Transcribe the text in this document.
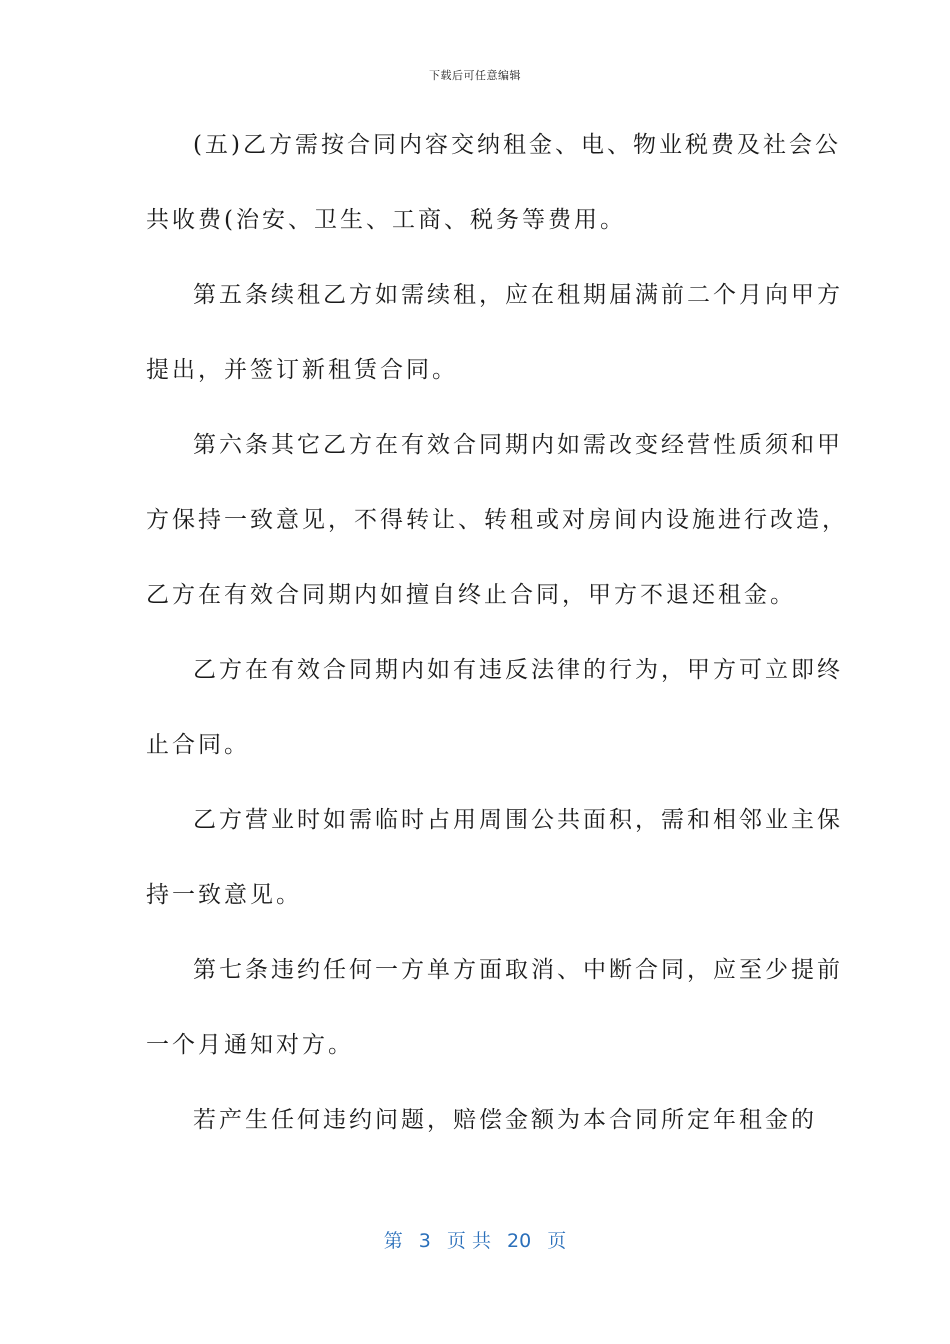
下载后可任意编辑
(五)乙方需按合同内容交纳租金、电、物业税费及社会公
共收费(治安、卫生、工商、税务等费用。
第五条续租乙方如需续租，应在租期届满前二个月向甲方
提出，并签订新租赁合同。
第六条其它乙方在有效合同期内如需改变经营性质须和甲
方保持一致意见，不得转让、转租或对房间内设施进行改造，
乙方在有效合同期内如擅自终止合同，甲方不退还租金。
乙方在有效合同期内如有违反法律的行为，甲方可立即终
止合同。
乙方营业时如需临时占用周围公共面积，需和相邻业主保
持一致意见。
第七条违约任何一方单方面取消、中断合同，应至少提前
一个月通知对方。
若产生任何违约问题，赔偿金额为本合同所定年租金的
第 3 页 共 20 页
